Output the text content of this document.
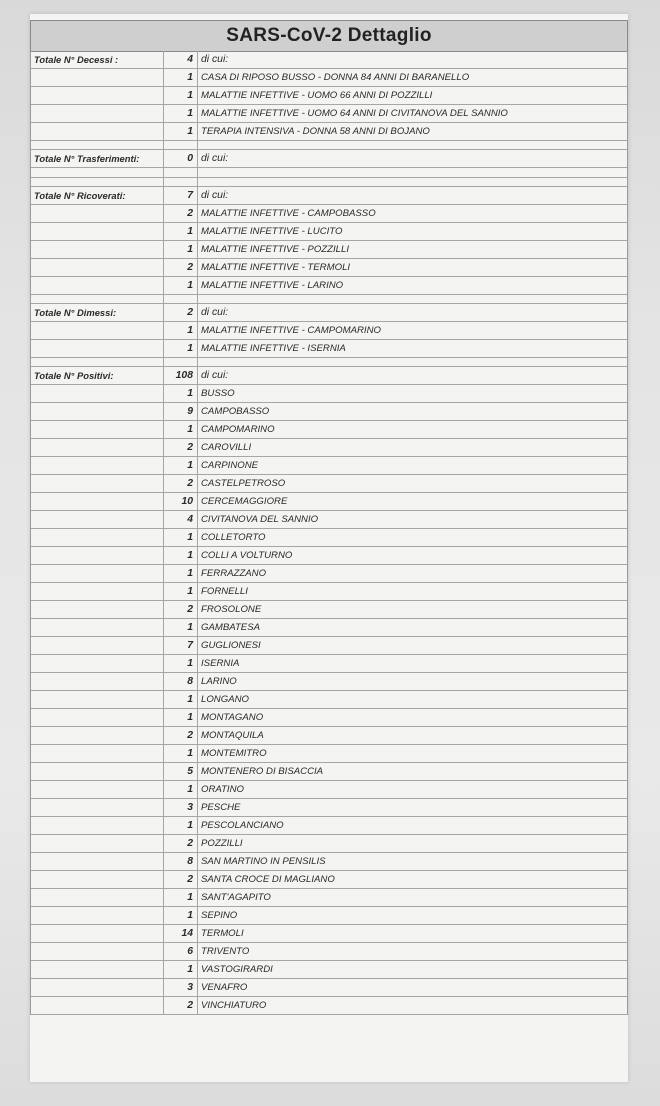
SARS-CoV-2 Dettaglio
Totale N° Decessi :	4 di cui:
1 CASA DI RIPOSO BUSSO - DONNA 84 ANNI DI BARANELLO
1 MALATTIE INFETTIVE - UOMO 66 ANNI DI POZZILLI
1 MALATTIE INFETTIVE - UOMO 64 ANNI DI CIVITANOVA DEL SANNIO
1 TERAPIA INTENSIVA - DONNA 58 ANNI DI BOJANO
Totale N° Trasferimenti:	0 di cui:
Totale N° Ricoverati:	7 di cui:
2 MALATTIE INFETTIVE - CAMPOBASSO
1 MALATTIE INFETTIVE - LUCITO
1 MALATTIE INFETTIVE - POZZILLI
2 MALATTIE INFETTIVE - TERMOLI
1 MALATTIE INFETTIVE - LARINO
Totale N° Dimessi:	2 di cui:
1 MALATTIE INFETTIVE - CAMPOMARINO
1 MALATTIE INFETTIVE - ISERNIA
Totale N° Positivi:	108 di cui:
1 BUSSO
9 CAMPOBASSO
1 CAMPOMARINO
2 CAROVILLI
1 CARPINONE
2 CASTELPETROSO
10 CERCEMAGGIORE
4 CIVITANOVA DEL SANNIO
1 COLLETORTO
1 COLLI A VOLTURNO
1 FERRAZZANO
1 FORNELLI
2 FROSOLONE
1 GAMBATESA
7 GUGLIONESI
1 ISERNIA
8 LARINO
1 LONGANO
1 MONTAGANO
2 MONTAQUILA
1 MONTEMITRO
5 MONTENERO DI BISACCIA
1 ORATINO
3 PESCHE
1 PESCOLANCIANO
2 POZZILLI
8 SAN MARTINO IN PENSILIS
2 SANTA CROCE DI MAGLIANO
1 SANT'AGAPITO
1 SEPINO
14 TERMOLI
6 TRIVENTO
1 VASTOGIRARDI
3 VENAFRO
2 VINCHIATURO
